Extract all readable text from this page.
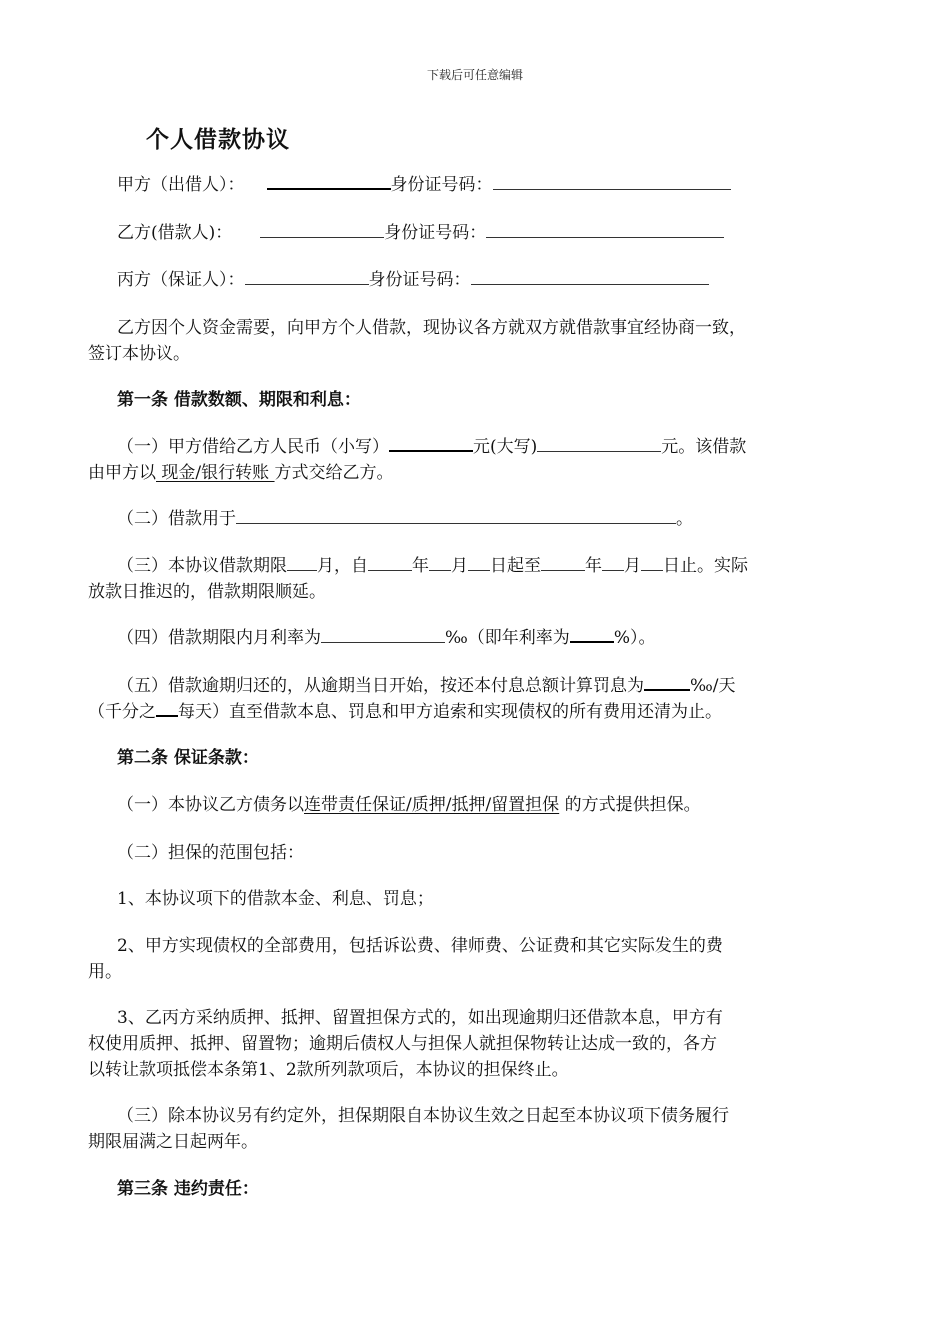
下载后可任意编辑
个人借款协议
甲方（出借人）：	身份证号码：
乙方(借款人)：	身份证号码：
丙方（保证人）：	身份证号码：
乙方因个人资金需要，向甲方个人借款，现协议各方就双方就借款事宜经协商一致，
签订本协议。
第一条 借款数额、期限和利息：
（一）甲方借给乙方人民币（小写）	元(大写)	元。该借款
由甲方以 现金/银行转账 方式交给乙方。
（二）借款用于	。
（三）本协议借款期限 月，自	年 月 日起至	年 月 日止。实际
放款日推迟的，借款期限顺延。
（四）借款期限内月利率为	‰（即年利率为	%）。
（五）借款逾期归还的，从逾期当日开始，按还本付息总额计算罚息为	‰/天
（千分之 每天）直至借款本息、罚息和甲方追索和实现债权的所有费用还清为止。
第二条 保证条款：
（一）本协议乙方债务以连带责任保证/质押/抵押/留置担保 的方式提供担保。
（二）担保的范围包括：
1、本协议项下的借款本金、利息、罚息；
2、甲方实现债权的全部费用，包括诉讼费、律师费、公证费和其它实际发生的费
用。
3、乙丙方采纳质押、抵押、留置担保方式的，如出现逾期归还借款本息，甲方有
权使用质押、抵押、留置物；逾期后债权人与担保人就担保物转让达成一致的，各方
以转让款项抵偿本条第1、2款所列款项后，本协议的担保终止。
（三）除本协议另有约定外，担保期限自本协议生效之日起至本协议项下债务履行
期限届满之日起两年。
第三条 违约责任：
